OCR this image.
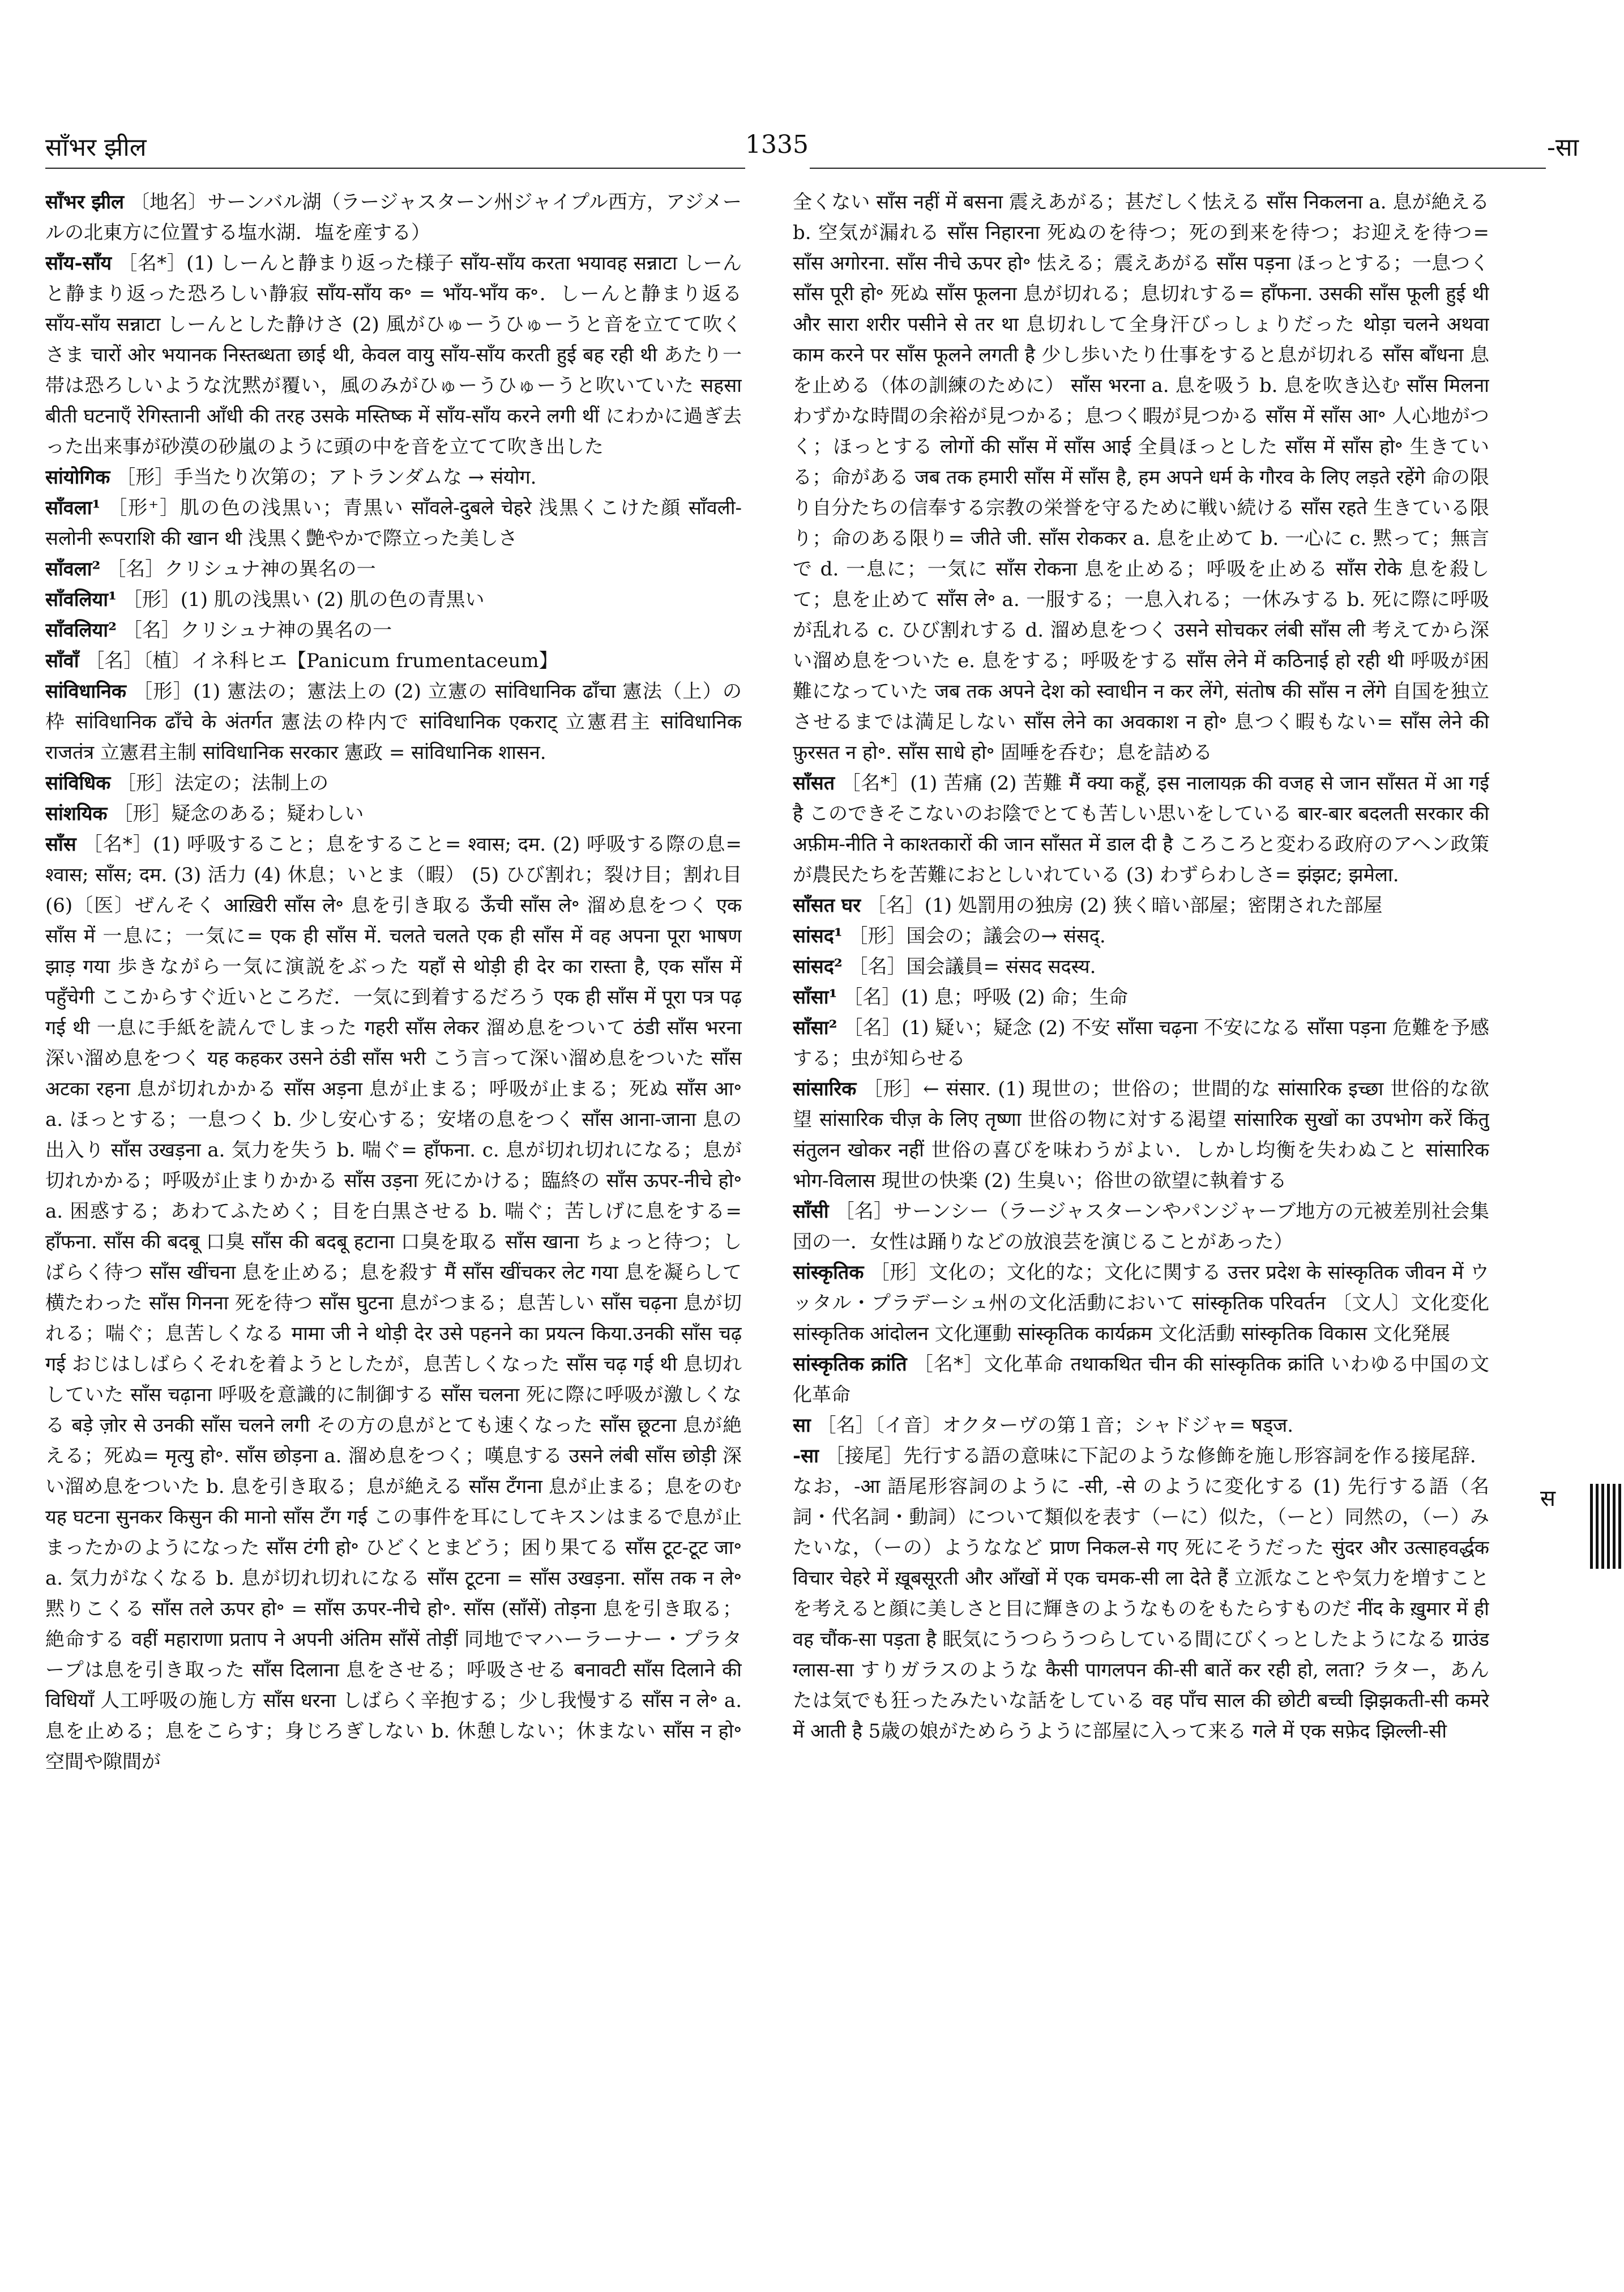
साँभर झील	1335	-सा

साँभर झील 〔地名〕サーンバル湖（ラージャスターン州ジャイプル西方，アジメールの北東方に位置する塩水湖．塩を産する）

साँय-साँय ［名*］(1) しーんと静まり返った様子 साँय-साँय करता भयावह सन्नाटा しーんと静まり返った恐ろしい静寂 साँय-साँय क॰ = भाँय-भाँय क॰．しーんと静まり返る साँय-साँय सन्नाटा しーんとした静けさ (2) 風がひゅーうひゅーうと音を立てて吹くさま चारों ओर भयानक निस्तब्धता छाई थी, केवल वायु साँय-साँय करती हुई बह रही थी あたり一帯は恐ろしいような沈黙が覆い，風のみがひゅーうひゅーうと吹いていた सहसा बीती घटनाएँ रेगिस्तानी आँधी की तरह उसके मस्तिष्क में साँय-साँय करने लगी थीं にわかに過ぎ去った出来事が砂漠の砂嵐のように頭の中を音を立てて吹き出した

सांयोगिक ［形］手当たり次第の；アトランダムな → संयोग.

साँवला¹ ［形⁺］肌の色の浅黒い；青黒い साँवले-दुबले चेहरे 浅黒くこけた顔 साँवली-सलोनी रूपराशि की खान थी 浅黒く艶やかで際立った美しさ

साँवला² ［名］クリシュナ神の異名の一

साँवलिया¹ ［形］(1) 肌の浅黒い (2) 肌の色の青黒い

साँवलिया² ［名］クリシュナ神の異名の一

साँवाँ ［名］〔植〕イネ科ヒエ【Panicum frumentaceum】

सांविधानिक ［形］(1) 憲法の；憲法上の (2) 立憲の सांविधानिक ढाँचा 憲法（上）の枠 सांविधानिक ढाँचे के अंतर्गत 憲法の枠内で सांविधानिक एकराट् 立憲君主 सांविधानिक राजतंत्र 立憲君主制 सांविधानिक सरकार 憲政 = सांविधानिक शासन.

सांविधिक ［形］法定の；法制上の

सांशयिक ［形］疑念のある；疑わしい

साँस ［名*］(1) 呼吸すること；息をすること= श्वास; दम. (2) 呼吸する際の息= श्वास; साँस; दम. (3) 活力 (4) 休息；いとま（暇） (5) ひび割れ；裂け目；割れ目 (6)〔医〕ぜんそく आख़िरी साँस ले॰ 息を引き取る ऊँची साँस ले॰ 溜め息をつく एक साँस में 一息に；一気に= एक ही साँस में. चलते चलते एक ही साँस में वह अपना पूरा भाषण झाड़ गया 歩きながら一気に演説をぶった यहाँ से थोड़ी ही देर का रास्ता है, एक साँस में पहुँचेगी ここからすぐ近いところだ．一気に到着するだろう एक ही साँस में पूरा पत्र पढ़ गई थी 一息に手紙を読んでしまった गहरी साँस लेकर 溜め息をついて ठंडी साँस भरना 深い溜め息をつく यह कहकर उसने ठंडी साँस भरी こう言って深い溜め息をついた साँस अटका रहना 息が切れかかる साँस अड़ना 息が止まる；呼吸が止まる；死ぬ साँस आ॰ a. ほっとする；一息つく b. 少し安心する；安堵の息をつく साँस आना-जाना 息の出入り साँस उखड़ना a. 気力を失う b. 喘ぐ= हाँफना. c. 息が切れ切れになる；息が切れかかる；呼吸が止まりかかる साँस उड़ना 死にかける；臨終の साँस ऊपर-नीचे हो॰ a. 困惑する；あわてふためく；目を白黒させる b. 喘ぐ；苦しげに息をする= हाँफना. साँस की बदबू 口臭 साँस की बदबू हटाना 口臭を取る साँस खाना ちょっと待つ；しばらく待つ साँस खींचना 息を止める；息を殺す मैं साँस खींचकर लेट गया 息を凝らして横たわった साँस गिनना 死を待つ साँस घुटना 息がつまる；息苦しい साँस चढ़ना 息が切れる；喘ぐ；息苦しくなる मामा जी ने थोड़ी देर उसे पहनने का प्रयत्न किया.उनकी साँस चढ़ गई おじはしばらくそれを着ようとしたが，息苦しくなった साँस चढ़ गई थी 息切れしていた साँस चढ़ाना 呼吸を意識的に制御する साँस चलना 死に際に呼吸が激しくなる बड़े ज़ोर से उनकी साँस चलने लगी その方の息がとても速くなった साँस छूटना 息が絶える；死ぬ= मृत्यु हो॰. साँस छोड़ना a. 溜め息をつく；嘆息する उसने लंबी साँस छोड़ी 深い溜め息をついた b. 息を引き取る；息が絶える साँस टँगना 息が止まる；息をのむ यह घटना सुनकर किसुन की मानो साँस टँग गई この事件を耳にしてキスンはまるで息が止まったかのようになった साँस टंगी हो॰ ひどくとまどう；困り果てる साँस टूट-टूट जा॰ a. 気力がなくなる b. 息が切れ切れになる साँस टूटना = साँस उखड़ना. साँस तक न ले॰ 黙りこくる साँस तले ऊपर हो॰ = साँस ऊपर-नीचे हो॰. साँस (साँसें) तोड़ना 息を引き取る；絶命する वहीं महाराणा प्रताप ने अपनी अंतिम साँसें तोड़ीं 同地でマハーラーナー・プラタープは息を引き取った साँस दिलाना 息をさせる；呼吸させる बनावटी साँस दिलाने की विधियाँ 人工呼吸の施し方 साँस धरना しばらく辛抱する；少し我慢する साँस न ले॰ a. 息を止める；息をこらす；身じろぎしない b. 休憩しない；休まない साँस न हो॰ 空間や隙間が

全くない साँस नहीं में बसना 震えあがる；甚だしく怯える साँस निकलना a. 息が絶える b. 空気が漏れる साँस निहारना 死ぬのを待つ；死の到来を待つ；お迎えを待つ= साँस अगोरना. साँस नीचे ऊपर हो॰ 怯える；震えあがる साँस पड़ना ほっとする；一息つく साँस पूरी हो॰ 死ぬ साँस फूलना 息が切れる；息切れする= हाँफना. उसकी साँस फूली हुई थी और सारा शरीर पसीने से तर था 息切れして全身汗びっしょりだった थोड़ा चलने अथवा काम करने पर साँस फूलने लगती है 少し歩いたり仕事をすると息が切れる साँस बाँधना 息を止める（体の訓練のために） साँस भरना a. 息を吸う b. 息を吹き込む साँस मिलना わずかな時間の余裕が見つかる；息つく暇が見つかる साँस में साँस आ॰ 人心地がつく；ほっとする लोगों की साँस में साँस आई 全員ほっとした साँस में साँस हो॰ 生きている；命がある जब तक हमारी साँस में साँस है, हम अपने धर्म के गौरव के लिए लड़ते रहेंगे 命の限り自分たちの信奉する宗教の栄誉を守るために戦い続ける साँस रहते 生きている限り；命のある限り= जीते जी. साँस रोककर a. 息を止めて b. 一心に c. 黙って；無言で d. 一息に；一気に साँस रोकना 息を止める；呼吸を止める साँस रोके 息を殺して；息を止めて साँस ले॰ a. 一服する；一息入れる；一休みする b. 死に際に呼吸が乱れる c. ひび割れする d. 溜め息をつく उसने सोचकर लंबी साँस ली 考えてから深い溜め息をついた e. 息をする；呼吸をする साँस लेने में कठिनाई हो रही थी 呼吸が困難になっていた जब तक अपने देश को स्वाधीन न कर लेंगे, संतोष की साँस न लेंगे 自国を独立させるまでは満足しない साँस लेने का अवकाश न हो॰ 息つく暇もない= साँस लेने की फ़ुरसत न हो॰. साँस साधे हो॰ 固唾を呑む；息を詰める

साँसत ［名*］(1) 苦痛 (2) 苦難 मैं क्या कहूँ, इस नालायक़ की वजह से जान साँसत में आ गई है このできそこないのお陰でとても苦しい思いをしている बार-बार बदलती सरकार की अफ़ीम-नीति ने काश्तकारों की जान साँसत में डाल दी है ころころと変わる政府のアヘン政策が農民たちを苦難におとしいれている (3) わずらわしさ= झंझट; झमेला.

साँसत घर ［名］(1) 処罰用の独房 (2) 狭く暗い部屋；密閉された部屋

सांसद¹ ［形］国会の；議会の→ संसद्.

सांसद² ［名］国会議員= संसद सदस्य.

साँसा¹ ［名］(1) 息；呼吸 (2) 命；生命

साँसा² ［名］(1) 疑い；疑念 (2) 不安 साँसा चढ़ना 不安になる साँसा पड़ना 危難を予感する；虫が知らせる

सांसारिक ［形］← संसार. (1) 現世の；世俗の；世間的な सांसारिक इच्छा 世俗的な欲望 सांसारिक चीज़ के लिए तृष्णा 世俗の物に対する渇望 सांसारिक सुखों का उपभोग करें किंतु संतुलन खोकर नहीं 世俗の喜びを味わうがよい．しかし均衡を失わぬこと सांसारिक भोग-विलास 現世の快楽 (2) 生臭い；俗世の欲望に執着する

साँसी ［名］サーンシー（ラージャスターンやパンジャーブ地方の元被差別社会集団の一．女性は踊りなどの放浪芸を演じることがあった）

सांस्कृतिक ［形］文化の；文化的な；文化に関する उत्तर प्रदेश के सांस्कृतिक जीवन में ウッタル・プラデーシュ州の文化活動において सांस्कृतिक परिवर्तन 〔文人〕文化変化 सांस्कृतिक आंदोलन 文化運動 सांस्कृतिक कार्यक्रम 文化活動 सांस्कृतिक विकास 文化発展

सांस्कृतिक क्रांति ［名*］文化革命 तथाकथित चीन की सांस्कृतिक क्रांति いわゆる中国の文化革命

सा ［名］〔イ音〕オクターヴの第１音；シャドジャ= षड्ज.

-सा ［接尾］先行する語の意味に下記のような修飾を施し形容詞を作る接尾辞．なお，-आ 語尾形容詞のように -सी, -से のように変化する (1) 先行する語（名詞・代名詞・動詞）について類似を表す（ーに）似た，（ーと）同然の，（ー）みたいな，（ーの）ようななど प्राण निकल-से गए 死にそうだった सुंदर और उत्साहवर्द्धक विचार चेहरे में ख़ूबसूरती और आँखों में एक चमक-सी ला देते हैं 立派なことや気力を増すことを考えると顔に美しさと目に輝きのようなものをもたらすものだ नींद के ख़ुमार में ही वह चौंक-सा पड़ता है 眠気にうつらうつらしている間にびくっとしたようになる ग्राउंड ग्लास-सा すりガラスのような कैसी पागलपन की-सी बातें कर रही हो, लता? ラター，あんたは気でも狂ったみたいな話をしている वह पाँच साल की छोटी बच्ची झिझकती-सी कमरे में आती है 5歳の娘がためらうように部屋に入って来る गले में एक सफ़ेद झिल्ली-सी

स
